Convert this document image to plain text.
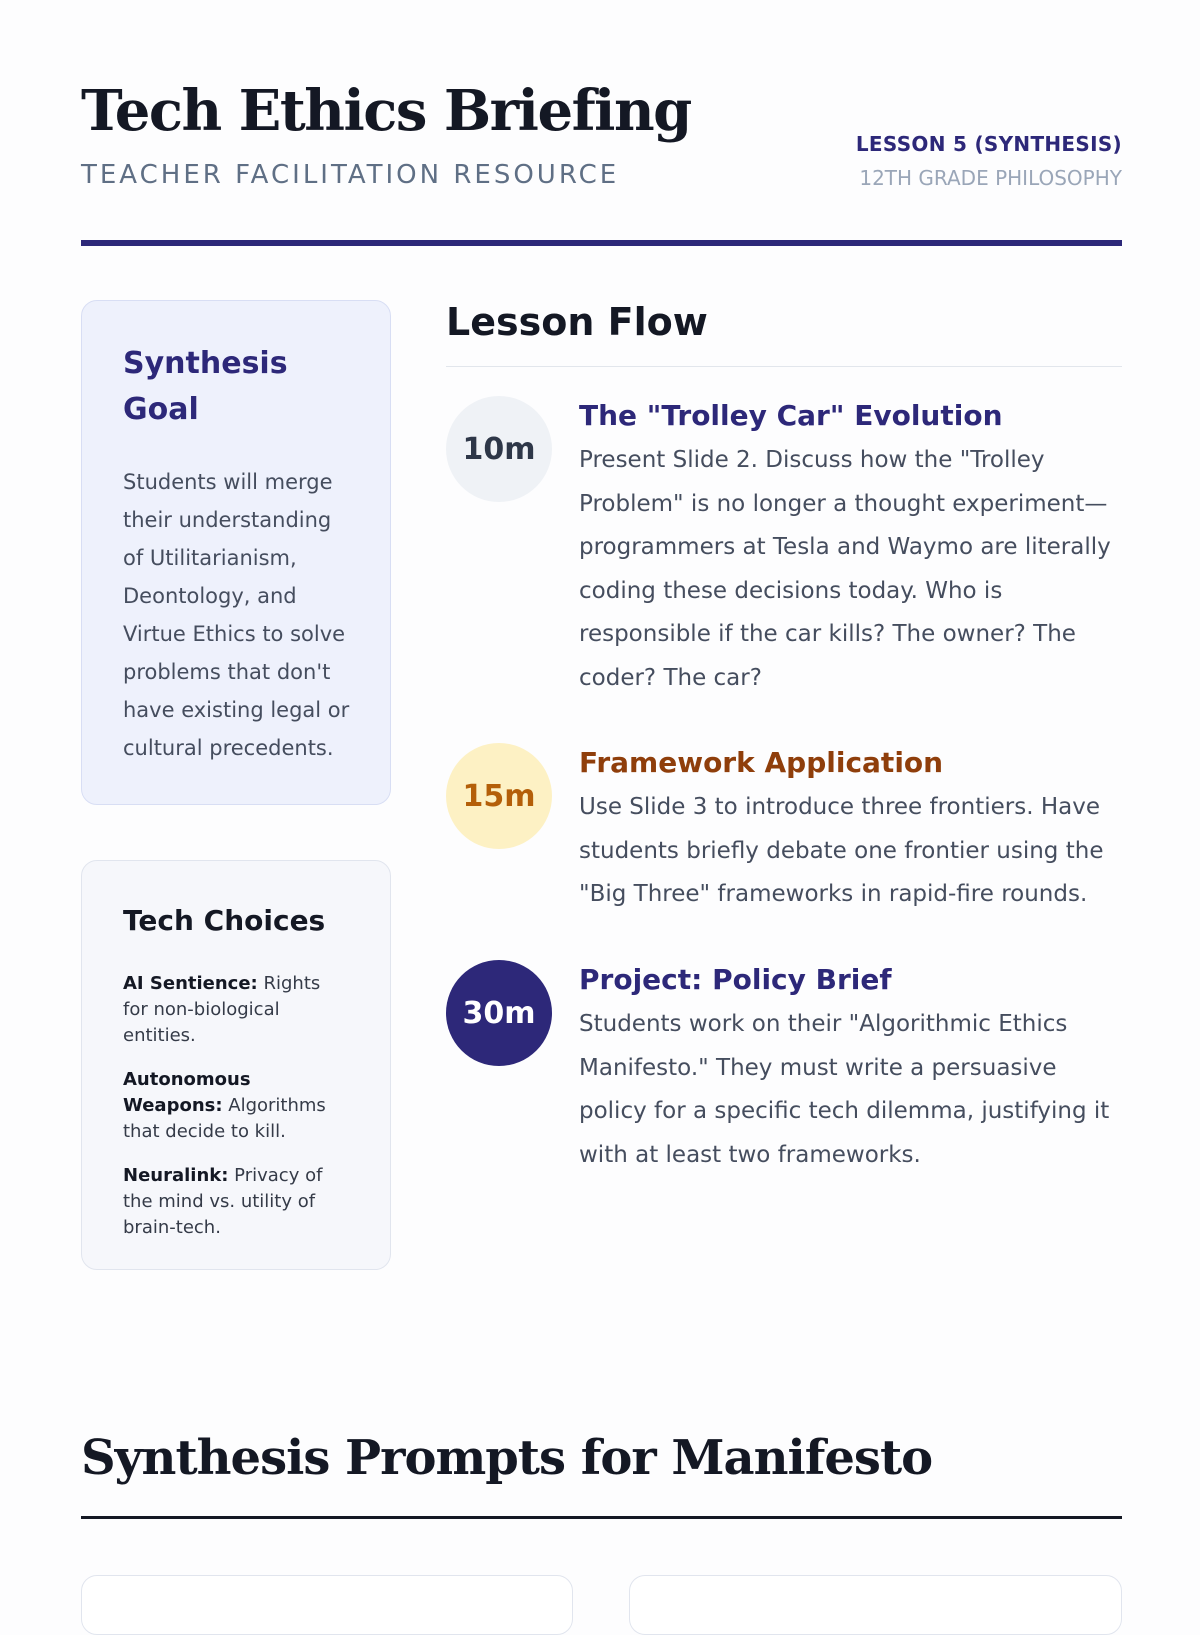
Tech Ethics Briefing
TEACHER FACILITATION RESOURCE
LESSON 5 (SYNTHESIS)
12TH GRADE PHILOSOPHY
Synthesis Goal

Students will merge their understanding of Utilitarianism, Deontology, and Virtue Ethics to solve problems that don't have existing legal or cultural precedents.

Tech Choices
AI Sentience: Rights for non-biological entities.
Autonomous Weapons: Algorithms that decide to kill.
Neuralink: Privacy of the mind vs. utility of brain-tech.
Lesson Flow
10m
The "Trolley Car" Evolution
Present Slide 2. Discuss how the "Trolley Problem" is no longer a thought experiment—programmers at Tesla and Waymo are literally coding these decisions today. Who is responsible if the car kills? The owner? The coder? The car?
15m
Framework Application
Use Slide 3 to introduce three frontiers. Have students briefly debate one frontier using the "Big Three" frameworks in rapid-fire rounds.
30m
Project: Policy Brief
Students work on their "Algorithmic Ethics Manifesto." They must write a persuasive policy for a specific tech dilemma, justifying it with at least two frameworks.
Synthesis Prompts for Manifesto
